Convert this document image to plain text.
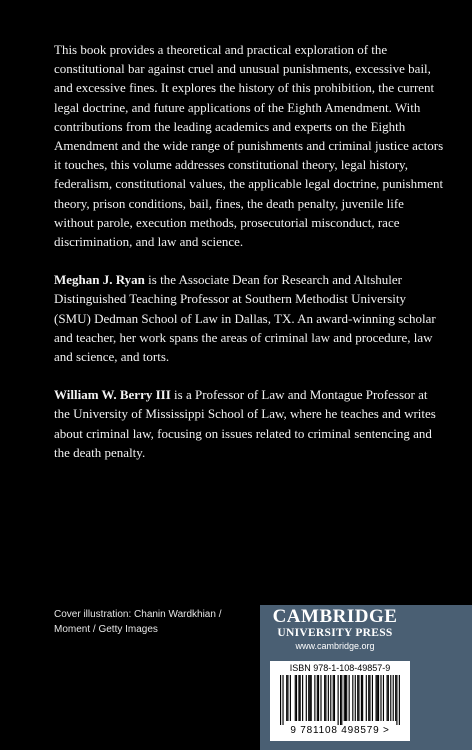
This book provides a theoretical and practical exploration of the constitutional bar against cruel and unusual punishments, excessive bail, and excessive fines. It explores the history of this prohibition, the current legal doctrine, and future applications of the Eighth Amendment. With contributions from the leading academics and experts on the Eighth Amendment and the wide range of punishments and criminal justice actors it touches, this volume addresses constitutional theory, legal history, federalism, constitutional values, the applicable legal doctrine, punishment theory, prison conditions, bail, fines, the death penalty, juvenile life without parole, execution methods, prosecutorial misconduct, race discrimination, and law and science.

Meghan J. Ryan is the Associate Dean for Research and Altshuler Distinguished Teaching Professor at Southern Methodist University (SMU) Dedman School of Law in Dallas, TX. An award-winning scholar and teacher, her work spans the areas of criminal law and procedure, law and science, and torts.

William W. Berry III is a Professor of Law and Montague Professor at the University of Mississippi School of Law, where he teaches and writes about criminal law, focusing on issues related to criminal sentencing and the death penalty.

Cover illustration: Chanin Wardkhian /
Moment / Getty Images
CAMBRIDGE
UNIVERSITY PRESS
www.cambridge.org
ISBN 978-1-108-49857-9
9 781108 498579 >
